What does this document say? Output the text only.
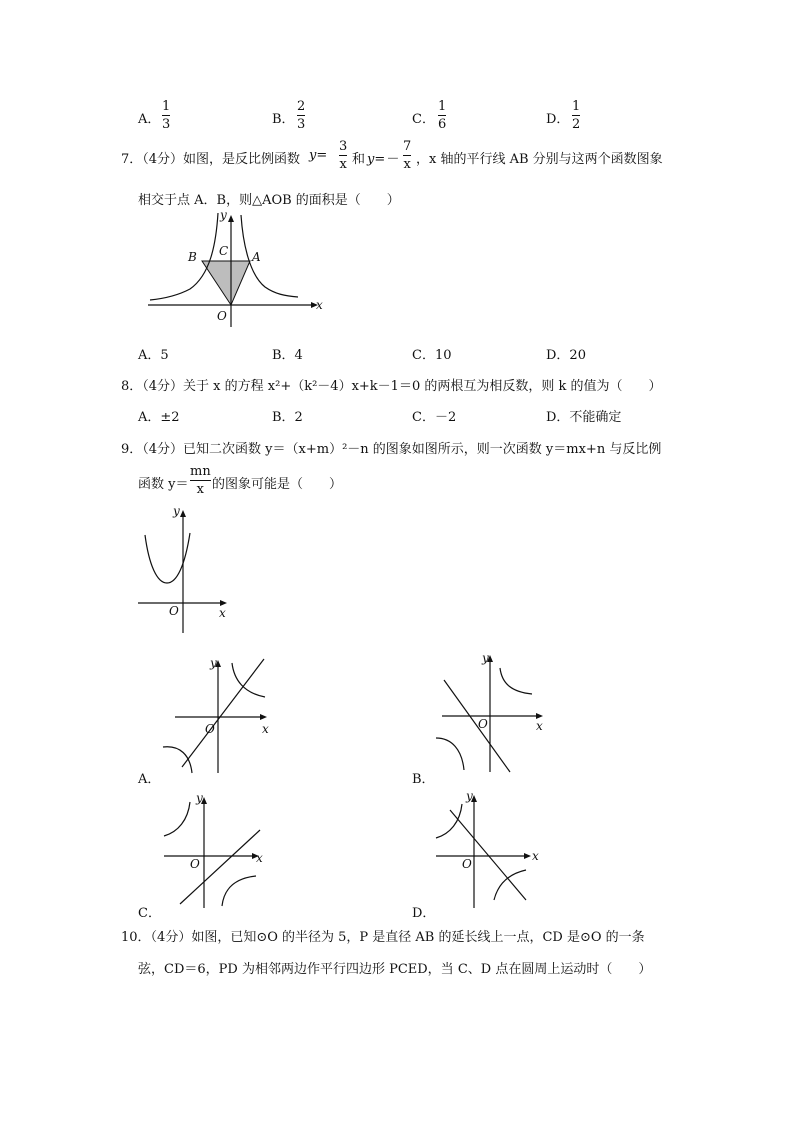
A．
1
3	B．
2
3	C．
1
6	D．
1
2
7．（4分）如图，是反比例函数 y=
3
x 和 y=－
7
x ，x 轴的平行线 AB 分别与这两个函数图象
相交于点 A．B，则△AOB 的面积是（　　）
B C A
O
x
y
A．5	B．4	C．10	D．20
8．（4分）关于 x 的方程 x²+（k²－4）x+k－1＝0 的两根互为相反数，则 k 的值为（　　）
A．±2	B．2	C．－2	D．不能确定
9．（4分）已知二次函数 y＝（x+m）²－n 的图象如图所示，则一次函数 y＝mx+n 与反比例
函数 y＝
mn
x 的图象可能是（　　）
y
O	x
y
O	x
A．
y
O	x
B．
y
O	x
C．
y
O
x
D．
10．（4分）如图，已知⊙O 的半径为 5，P 是直径 AB 的延长线上一点，CD 是⊙O 的一条
弦，CD＝6，PD 为相邻两边作平行四边形 PCED，当 C、D 点在圆周上运动时（　　）
